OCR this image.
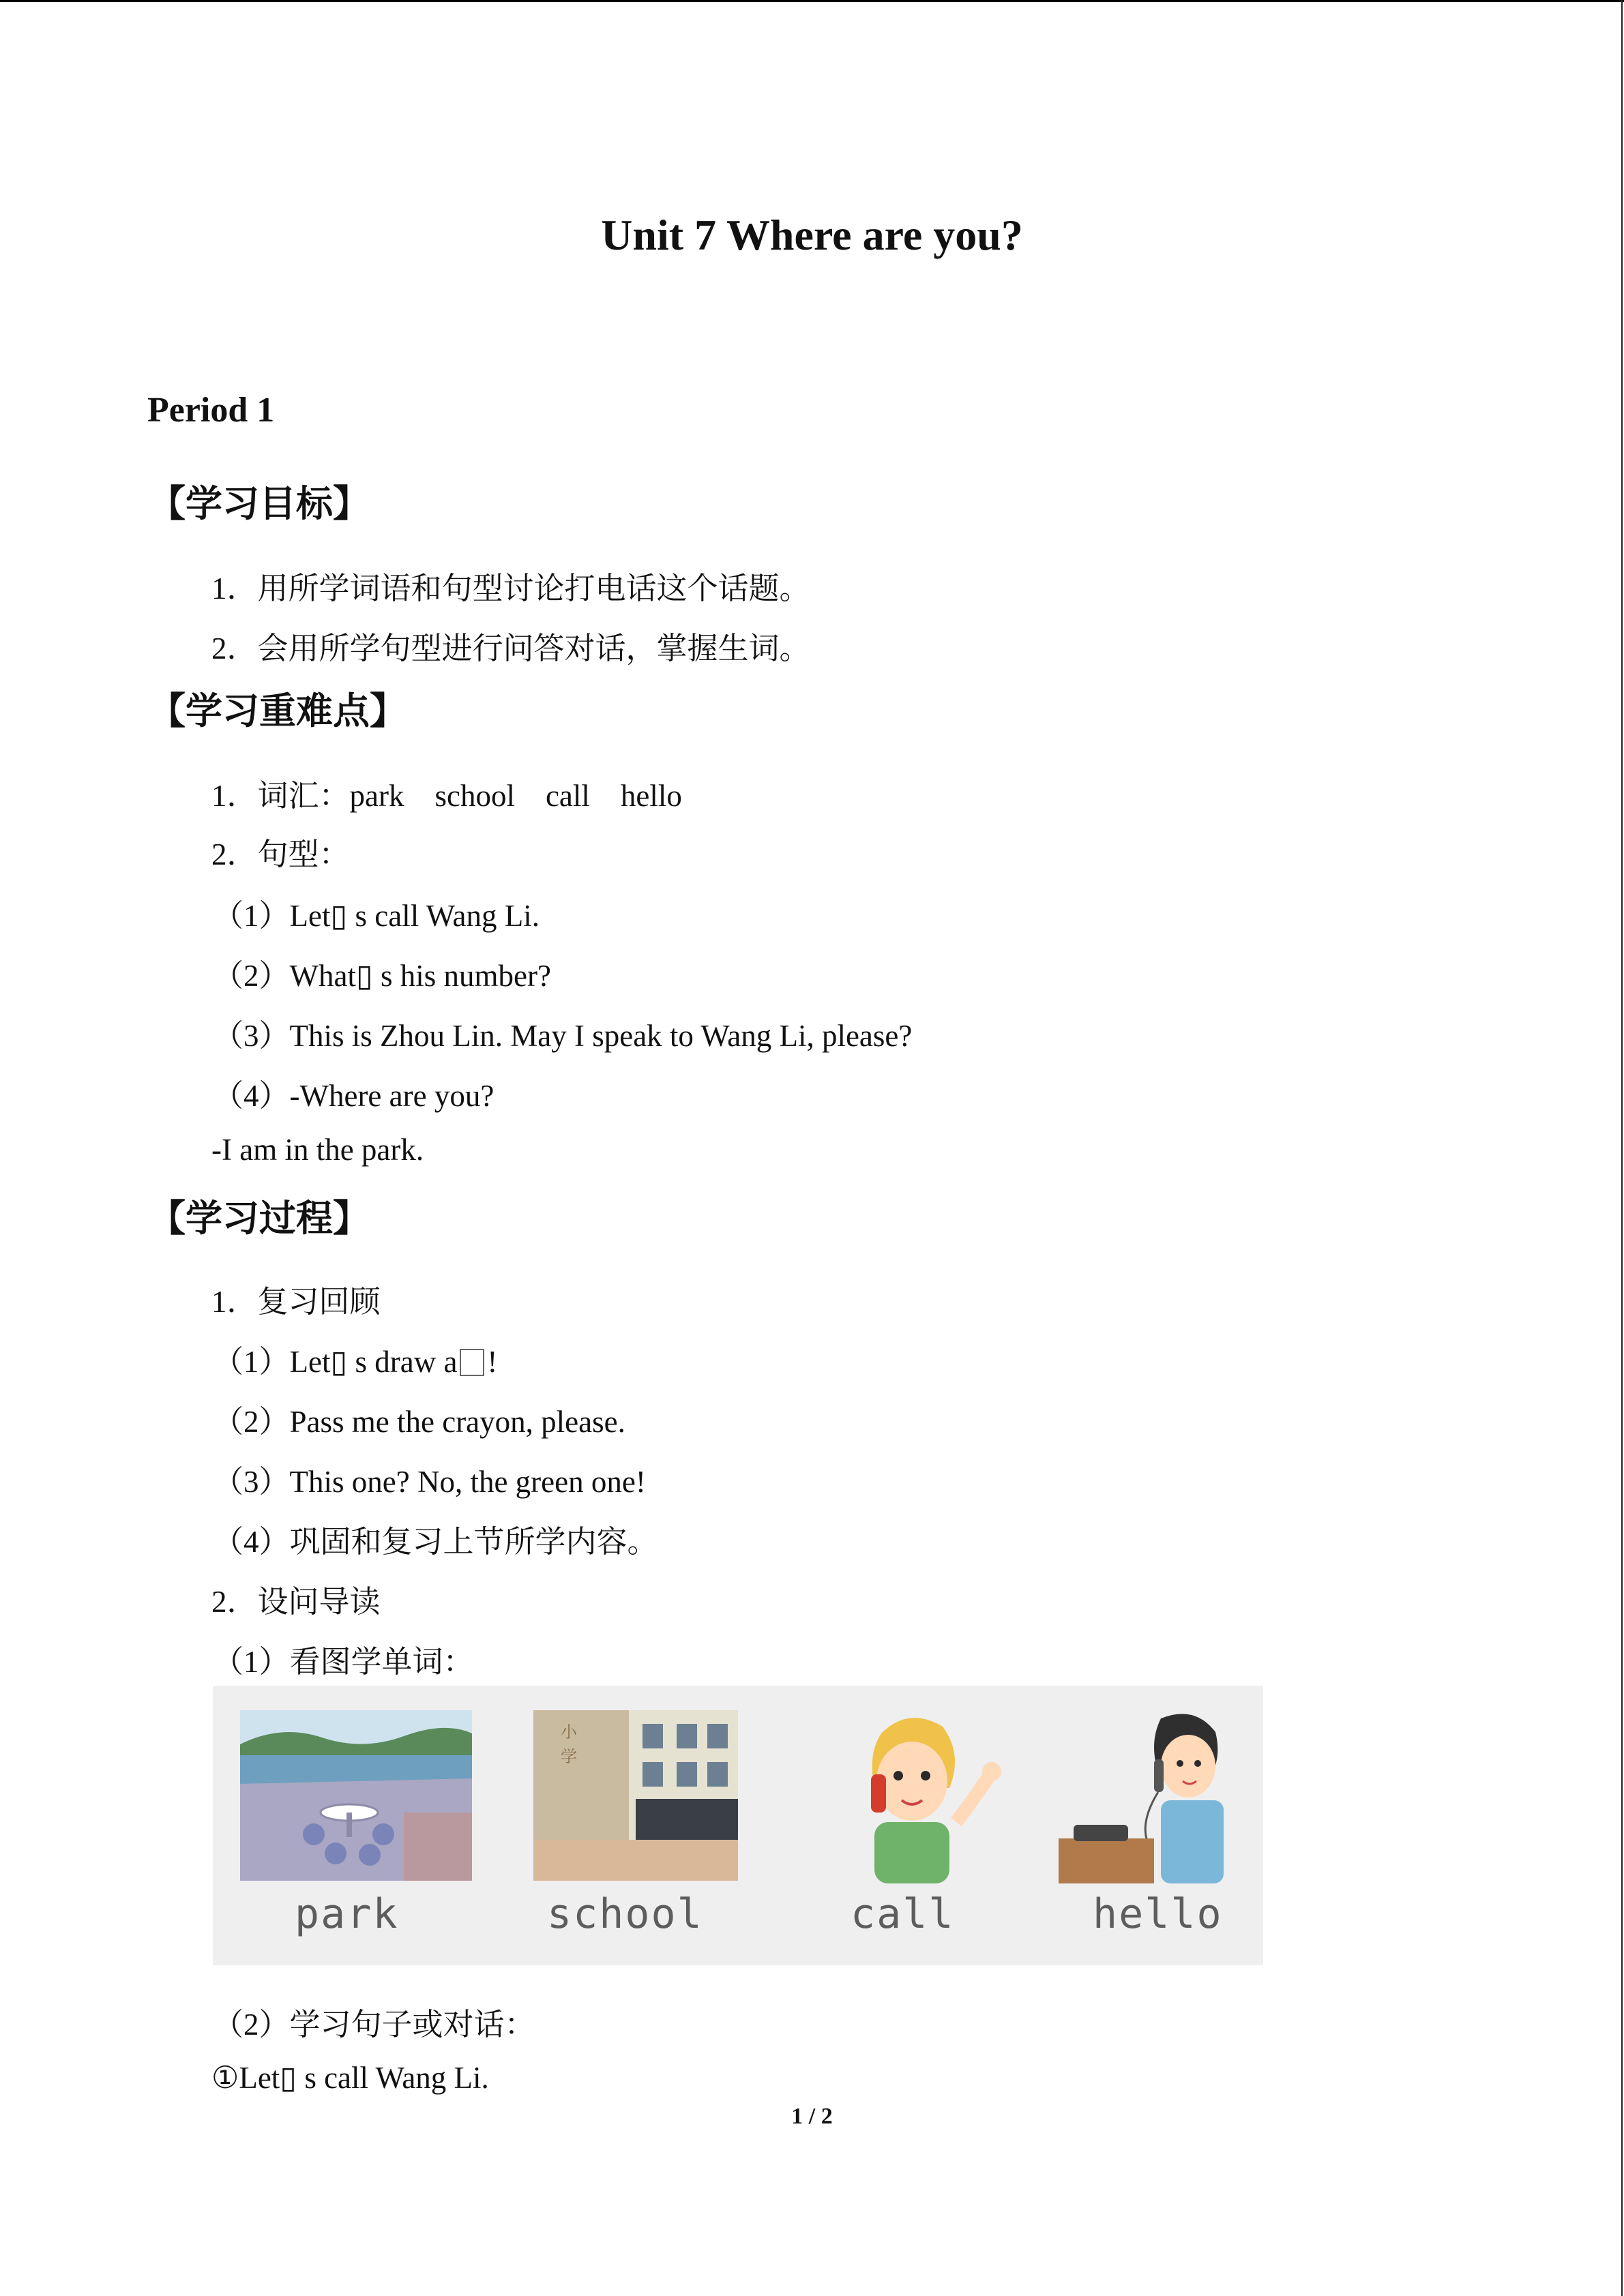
Unit 7 Where are you?
Period 1
【学习目标】
1．用所学词语和句型讨论打电话这个话题。
2．会用所学句型进行问答对话，掌握生词。
【学习重难点】
1．词汇：park    school    call    hello
2．句型：
（1）Let▯ s call Wang Li.
（2）What▯ s his number?
（3）This is Zhou Lin. May I speak to Wang Li, please?
（4）-Where are you?
-I am in the park.
【学习过程】
1．复习回顾
（1）Let▯ s draw a !
（2）Pass me the crayon, please.
（3）This one? No, the green one!
（4）巩固和复习上节所学内容。
2．设问导读
（1）看图学单词：
小
学
park	school	call	hello
（2）学习句子或对话：
①Let▯ s call Wang Li.
1 / 2
